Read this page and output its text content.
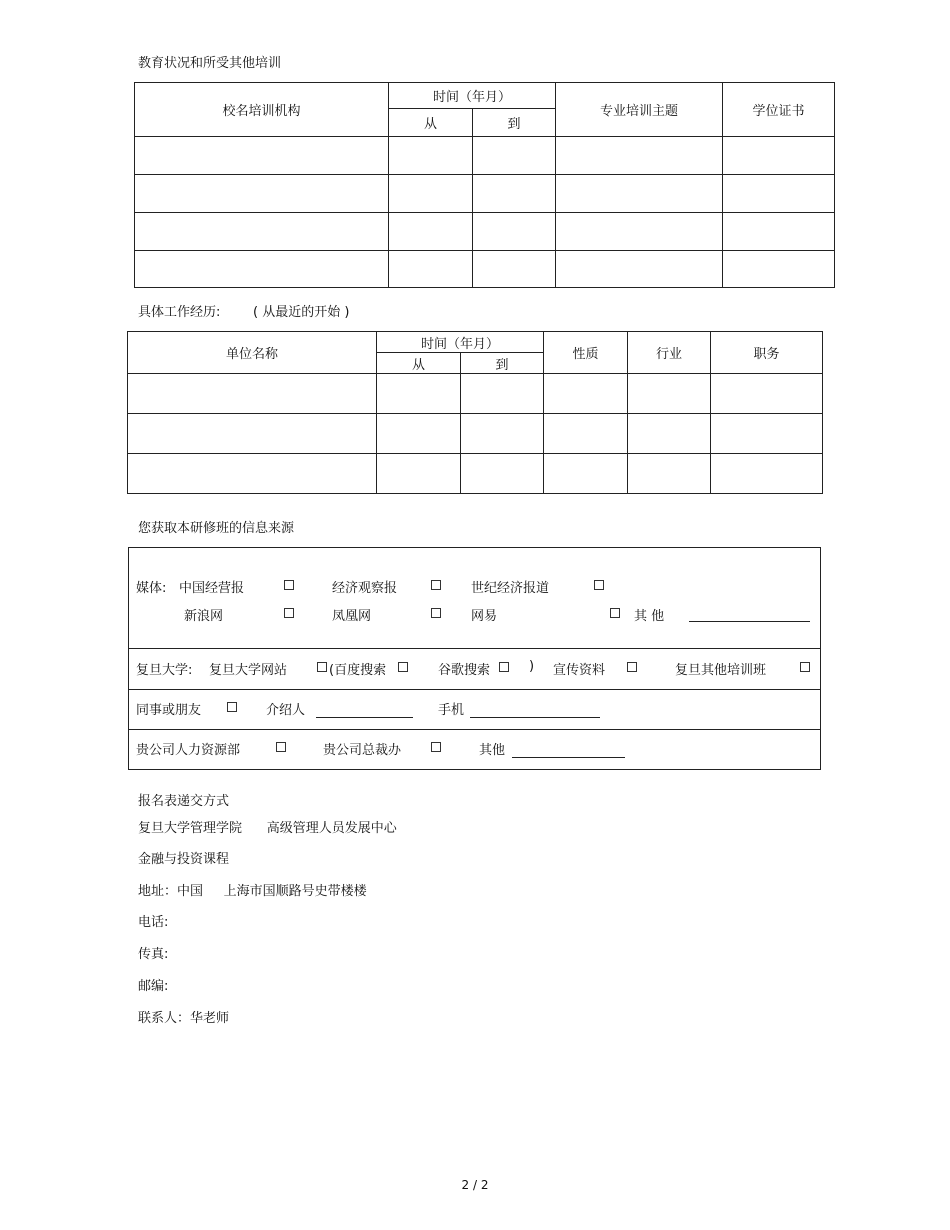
教育状况和所受其他培训
校名培训机构	时间（年月）		专业培训主题	学位证书
	从	到		

具体工作经历:	( 从最近的开始 )
单位名称	时间（年月）		性质	行业	职务
	从	到			

您获取本研修班的信息来源
媒体: 中国经营报	经济观察报	世纪经济报道
新浪网	凤凰网	网易	其 他
复旦大学: 复旦大学网站	(百度搜索	谷歌搜索	) 宣传资料	复旦其他培训班
同事或朋友	介绍人	手机
贵公司人力资源部	贵公司总裁办	其他
报名表递交方式
复旦大学管理学院      高级管理人员发展中心
金融与投资课程
地址：中国     上海市国顺路号史带楼楼
电话:
传真:
邮编:
联系人：华老师
2 / 2
